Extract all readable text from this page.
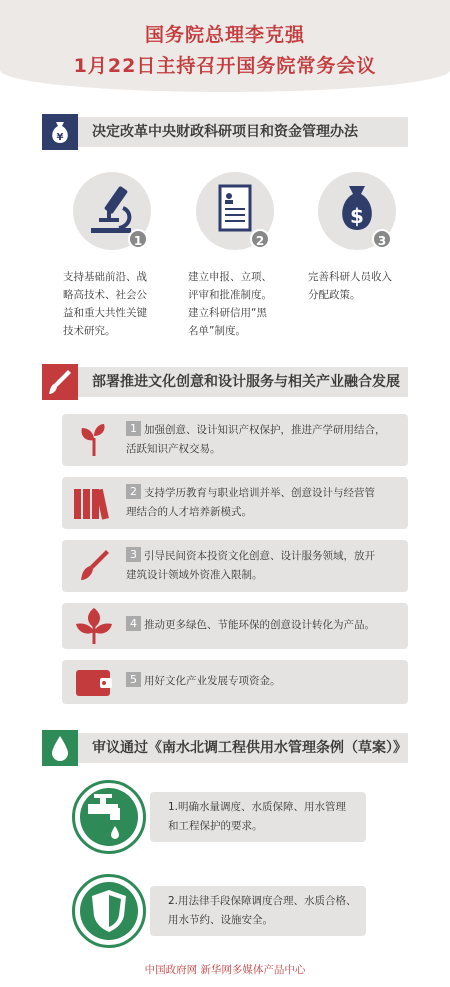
国务院总理李克强
1月22日主持召开国务院常务会议
¥ 决定改革中央财政科研项目和资金管理办法
1	2
$
3
支持基础前沿、战
略高技术、社会公
益和重大共性关键
技术研究。
建立申报、立项、
评审和批准制度。
建立科研信用“黑
名单”制度。
完善科研人员收入
分配政策。
部署推进文化创意和设计服务与相关产业融合发展
1 加强创意、设计知识产权保护，推进产学研用结合，
活跃知识产权交易。
2 支持学历教育与职业培训并举、创意设计与经营管
理结合的人才培养新模式。
3 引导民间资本投资文化创意、设计服务领域，放开
建筑设计领域外资准入限制。
4 推动更多绿色、节能环保的创意设计转化为产品。
5 用好文化产业发展专项资金。
审议通过《南水北调工程供用水管理条例（草案）》
1.明确水量调度、水质保障、用水管理
和工程保护的要求。
2.用法律手段保障调度合理、水质合格、
用水节约、设施安全。
中国政府网 新华网多媒体产品中心
